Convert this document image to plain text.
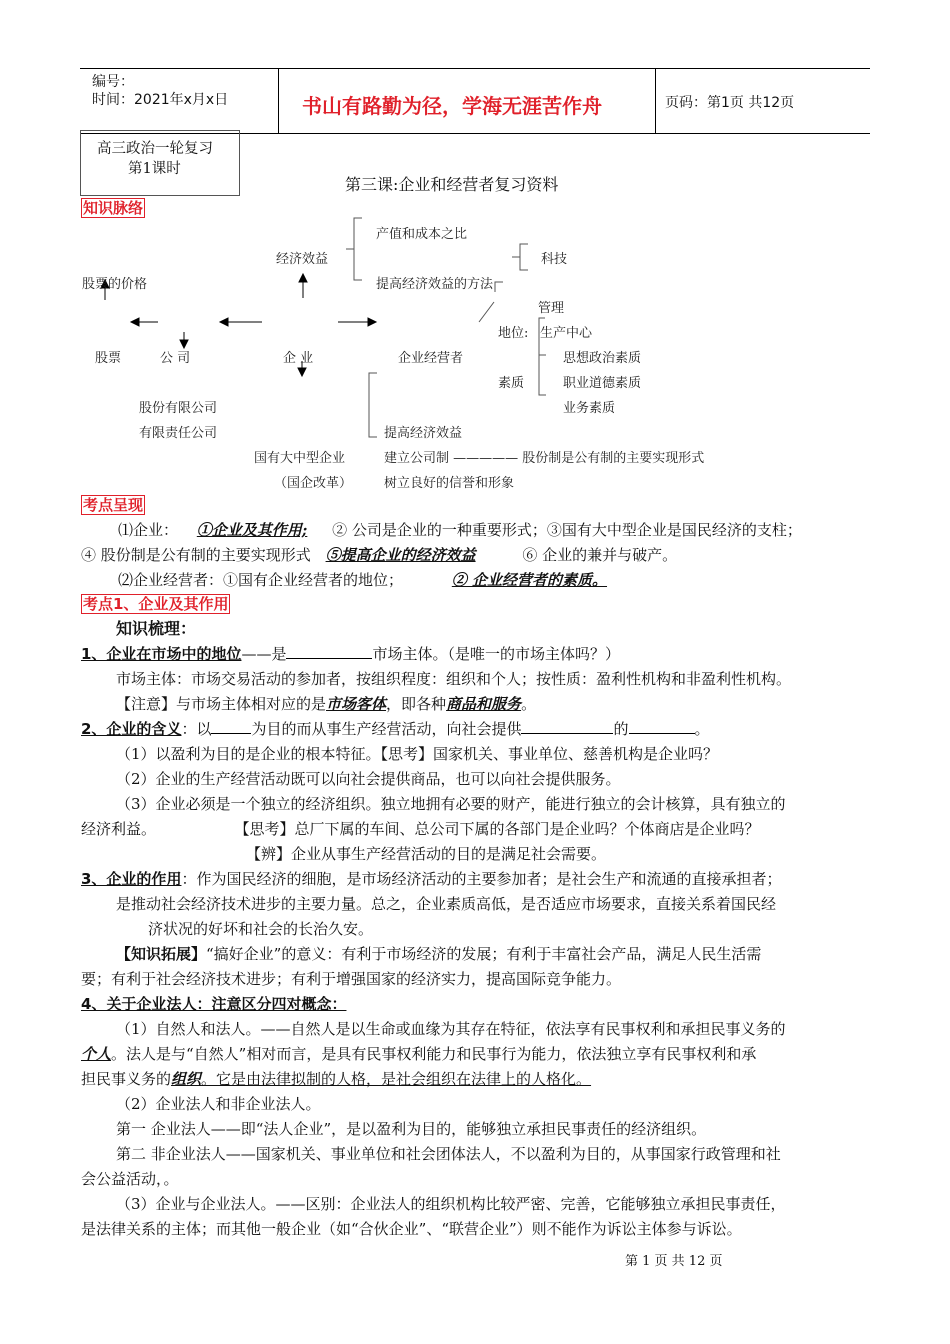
编号：
时间：2021年x月x日	书山有路勤为径，学海无涯苦作舟	页码：第1页 共12页
高三政治一轮复习
第1课时
第三课:企业和经营者复习资料
知识脉络
经济效益
产值和成本之比
科技
股票的价格	提高经济效益的方法
管理
地位: 生产中心
股票	公 司	企 业	企业经营者	思想政治素质
素质	职业道德素质
股份有限公司	业务素质
有限责任公司	提高经济效益
国有大中型企业	建立公司制 ————— 股份制是公有制的主要实现形式
（国企改革） 树立良好的信誉和形象
考点呈现
⑴企业： ①企业及其作用; ② 公司是企业的一种重要形式；③国有大中型企业是国民经济的支柱；
④ 股份制是公有制的主要实现形式 ⑤提高企业的经济效益	⑥ 企业的兼并与破产。
⑵企业经营者：①国有企业经营者的地位；	② 企业经营者的素质。
考点1、企业及其作用
知识梳理：
1、企业在市场中的地位——是	市场主体。（是唯一的市场主体吗？）
市场主体：市场交易活动的参加者，按组织程度：组织和个人；按性质：盈利性机构和非盈利性机构。
【注意】与市场主体相对应的是市场客体，即各种商品和服务。
2、企业的含义：以	为目的而从事生产经营活动，向社会提供	的	。
（1）以盈利为目的是企业的根本特征。【思考】国家机关、事业单位、慈善机构是企业吗？
（2）企业的生产经营活动既可以向社会提供商品，也可以向社会提供服务。
（3）企业必须是一个独立的经济组织。独立地拥有必要的财产，能进行独立的会计核算，具有独立的
经济利益。	【思考】总厂下属的车间、总公司下属的各部门是企业吗？个体商店是企业吗？
【辨】企业从事生产经营活动的目的是满足社会需要。
3、企业的作用：作为国民经济的细胞，是市场经济活动的主要参加者；是社会生产和流通的直接承担者；
是推动社会经济技术进步的主要力量。总之，企业素质高低，是否适应市场要求，直接关系着国民经
济状况的好坏和社会的长治久安。
【知识拓展】“搞好企业”的意义：有利于市场经济的发展；有利于丰富社会产品，满足人民生活需
要；有利于社会经济技术进步；有利于增强国家的经济实力，提高国际竞争能力。
4、关于企业法人：注意区分四对概念：
（1）自然人和法人。——自然人是以生命或血缘为其存在特征，依法享有民事权利和承担民事义务的
个人。法人是与“自然人”相对而言，是具有民事权利能力和民事行为能力，依法独立享有民事权利和承
担民事义务的组织。它是由法律拟制的人格，是社会组织在法律上的人格化。
（2）企业法人和非企业法人。
第一 企业法人——即“法人企业”，是以盈利为目的，能够独立承担民事责任的经济组织。
第二 非企业法人——国家机关、事业单位和社会团体法人，不以盈利为目的，从事国家行政管理和社
会公益活动，。
（3）企业与企业法人。——区别：企业法人的组织机构比较严密、完善，它能够独立承担民事责任，
是法律关系的主体；而其他一般企业（如“合伙企业”、“联营企业”）则不能作为诉讼主体参与诉讼。
第 1 页 共 12 页
